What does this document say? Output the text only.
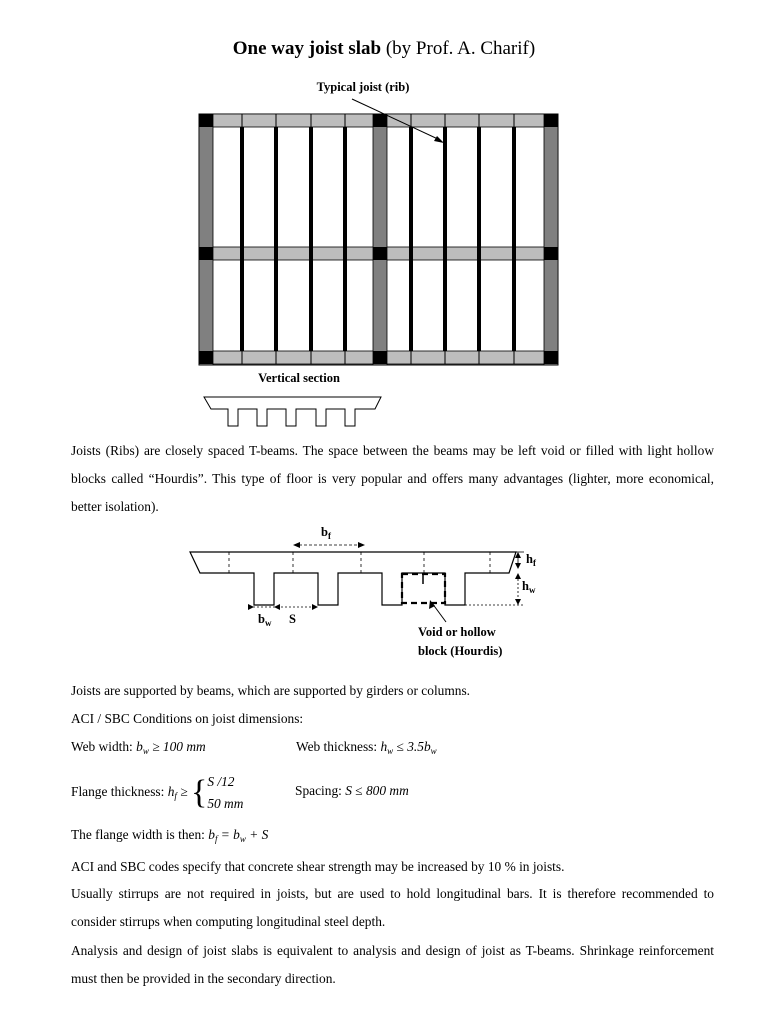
One way joist slab (by Prof. A. Charif)
Typical joist (rib)
Vertical section

Joists (Ribs) are closely spaced T-beams. The space between the beams may be left void or filled with light hollow blocks called “Hourdis”. This type of floor is very popular and offers many advantages (lighter, more economical, better isolation).

$b_f$
$h_f$
$h_w$
$b_w$ S
Void or hollow
block (Hourdis)
Joists are supported by beams, which are supported by girders or columns.
ACI / SBC Conditions on joist dimensions:
Web width: $b_w \ge 100$ mm	Web thickness: $h_w \le 3.5b_w$
Flange thickness: $h_f$ ≥ { S /12
50 mm
Spacing: S ≤ 800 mm
The flange width is then: $b_f = b_w + S$
ACI and SBC codes specify that concrete shear strength may be increased by 10 % in joists.

Usually stirrups are not required in joists, but are used to hold longitudinal bars. It is therefore recommended to consider stirrups when computing longitudinal steel depth.

Analysis and design of joist slabs is equivalent to analysis and design of joist as T-beams. Shrinkage reinforcement must then be provided in the secondary direction.
